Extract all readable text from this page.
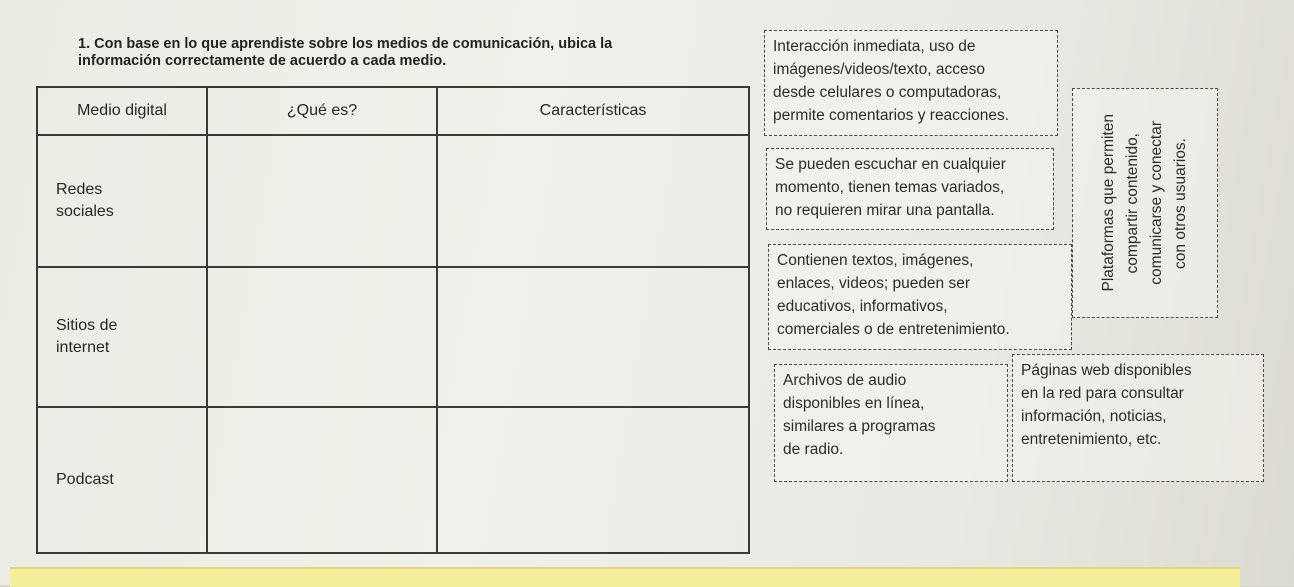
1. Con base en lo que aprendiste sobre los medios de comunicación, ubica la
información correctamente de acuerdo a cada medio.
Medio digital	¿Qué es?	Características

Redes
sociales		

Sitios de
internet		

Podcast		

Interacción inmediata, uso de
imágenes/videos/texto, acceso
desde celulares o computadoras,
permite comentarios y reacciones.
Se pueden escuchar en cualquier
momento, tienen temas variados,
no requieren mirar una pantalla.
Contienen textos, imágenes,
enlaces, videos; pueden ser
educativos, informativos,
comerciales o de entretenimiento.
Plataformas que permiten compartir contenido, comunicarse y conectar con otros usuarios.
Archivos de audio
disponibles en línea,
similares a programas
de radio.
Páginas web disponibles
en la red para consultar
información, noticias,
entretenimiento, etc.
